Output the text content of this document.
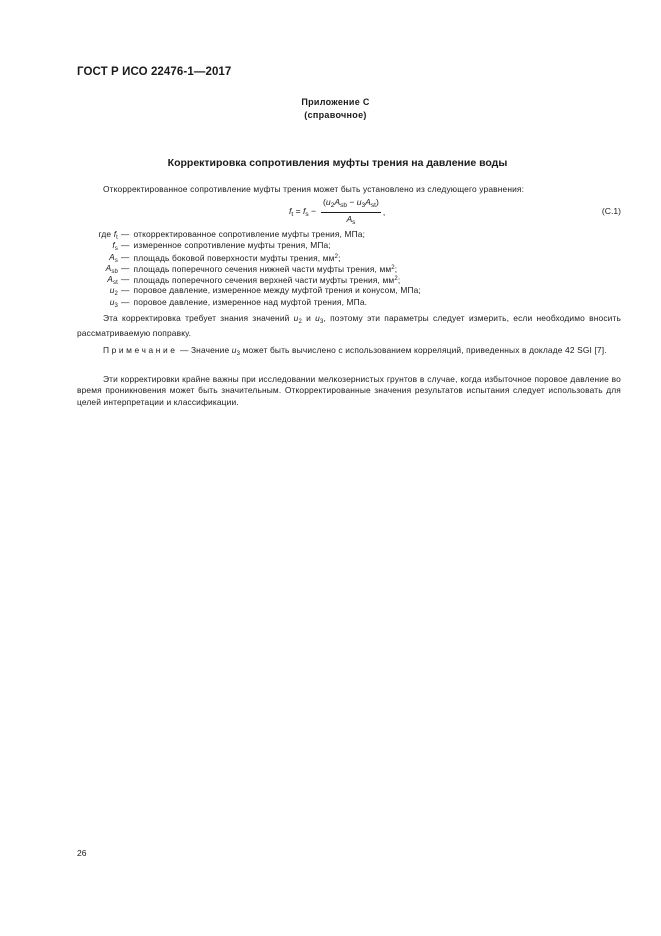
ГОСТ Р ИСО 22476-1—2017
Приложение С
(справочное)
Корректировка сопротивления муфты трения на давление воды
Откорректированное сопротивление муфты трения может быть установлено из следующего уравнения:
$f_t = f_s - \frac{(u_2A_{sb} - u_3A_{st})}{A_s}$ ,	(С.1)
где $f_t$ — откорректированное сопротивление муфты трения, МПа;
$f_s$ — измеренное сопротивление муфты трения, МПа;
$A_s$ — площадь боковой поверхности муфты трения, $мм^2$;
$A_{sb}$ — площадь поперечного сечения нижней части муфты трения, $мм^2$;
$A_{st}$ — площадь поперечного сечения верхней части муфты трения, $мм^2$;
$u_2$ — поровое давление, измеренное между муфтой трения и конусом, МПа;
$u_3$ — поровое давление, измеренное над муфтой трения, МПа.
Эта корректировка требует знания значений $u_2$ и $u_3$, поэтому эти параметры следует измерить, если необходимо вносить рассматриваемую поправку.
Примечание — Значение $u_3$ может быть вычислено с использованием корреляций, приведенных в докладе 42 SGI [7].
Эти корректировки крайне важны при исследовании мелкозернистых грунтов в случае, когда избыточное поровое давление во время проникновения может быть значительным. Откорректированные значения результатов испытания следует использовать для целей интерпретации и классификации.
26
